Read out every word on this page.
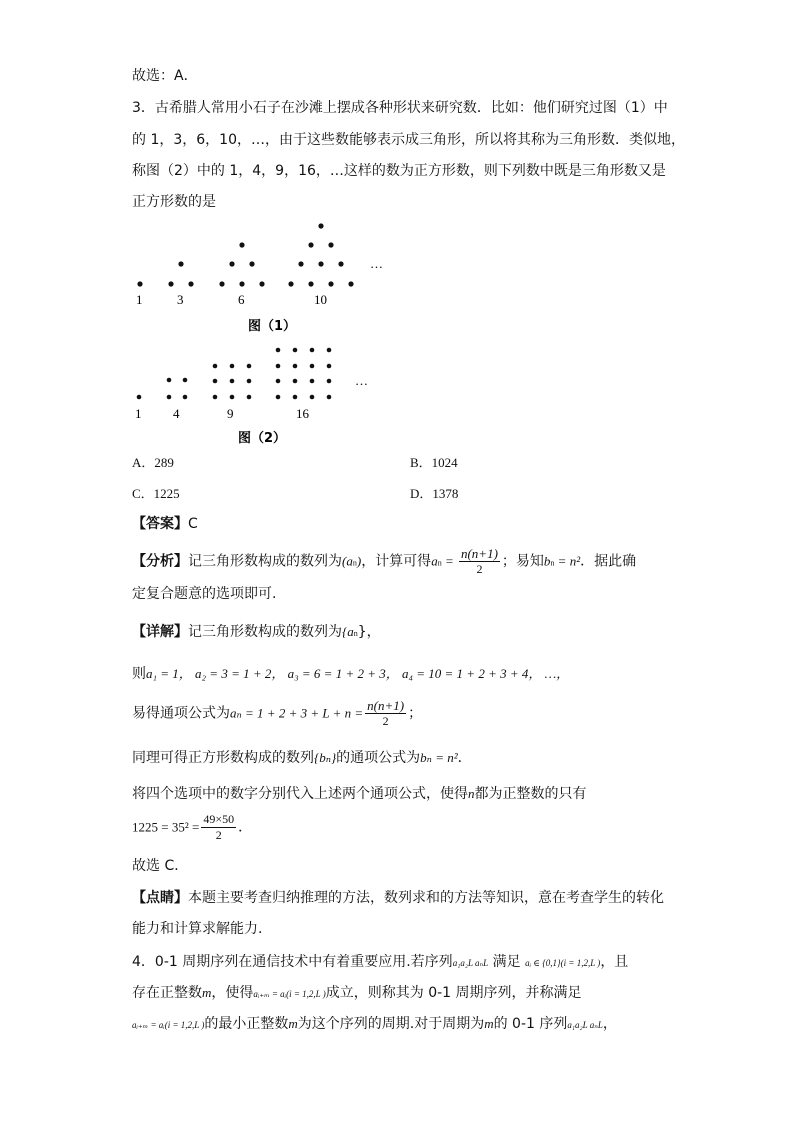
故选：A．
3．古希腊人常用小石子在沙滩上摆成各种形状来研究数．比如：他们研究过图（1）中
的 1，3，6，10，…，由于这些数能够表示成三角形，所以将其称为三角形数．类似地，
称图（2）中的 1，4，9，16，…这样的数为正方形数，则下列数中既是三角形数又是
正方形数的是
…
1	3	6	10
图（1）
…
1 4	9	16
图（2）
A．289	B．1024
C．1225	D．1378
【答案】C
【分析】记三角形数构成的数列为(an)，计算可得an = $\frac{n(n+1)}{2}$ ；易知bn = n²．据此确
定复合题意的选项即可.
【详解】记三角形数构成的数列为{an}，
则a₁ = 1， a₂ = 3 = 1 + 2， a₃ = 6 = 1 + 2 + 3， a₄ = 10 = 1 + 2 + 3 + 4， …，
易得通项公式为$a_n = 1 + 2 + 3 + L + n = \frac{n(n+1)}{2}$ ；
同理可得正方形数构成的数列{bₙ}的通项公式为bₙ = n²．
将四个选项中的数字分别代入上述两个通项公式，使得n都为正整数的只有
$1225 = 35^2 = \frac{49\times 50}{2}$ ．
故选 C．
【点睛】本题主要考查归纳推理的方法，数列求和的方法等知识，意在考查学生的转化
能力和计算求解能力.
4．0-1 周期序列在通信技术中有着重要应用.若序列a₁a₂L aₙL 满足 aᵢ ∈ {0,1}(i = 1,2,L )，且
存在正整数m，使得aᵢ₊ₘ = aᵢ(i = 1,2,L )成立，则称其为 0-1 周期序列，并称满足
aᵢ₊ₘ = aᵢ(i = 1,2,L )的最小正整数m为这个序列的周期.对于周期为m的 0-1 序列a₁a₂L aₙL，
